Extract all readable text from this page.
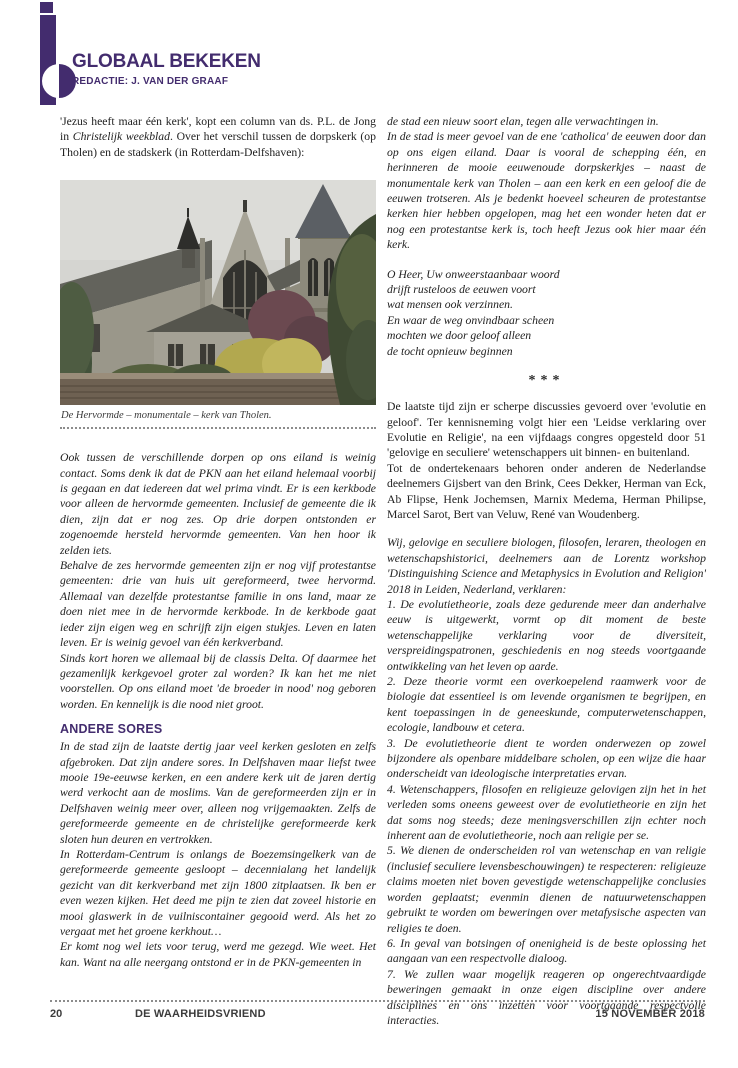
GLOBAAL BEKEKEN
REDACTIE: J. VAN DER GRAAF

'Jezus heeft maar één kerk', kopt een column van ds. P.L. de Jong in Christelijk weekblad. Over het verschil tussen de dorpskerk (op Tholen) en de stadskerk (in Rotterdam-Delfshaven):

De Hervormde – monumentale – kerk van Tholen.

Ook tussen de verschillende dorpen op ons eiland is weinig contact. Soms denk ik dat de PKN aan het eiland helemaal voorbij is gegaan en dat iedereen dat wel prima vindt. Er is een kerkbode voor alleen de hervormde gemeenten. Inclusief de gemeente die ik dien, zijn dat er nog zes. Op drie dorpen ontstonden er zogenoemde hersteld hervormde gemeenten. Van hen hoor ik zelden iets.

Behalve de zes hervormde gemeenten zijn er nog vijf protestantse gemeenten: drie van huis uit gereformeerd, twee hervormd. Allemaal van dezelfde protestantse familie in ons land, maar ze doen niet mee in de hervormde kerkbode. In de kerkbode gaat ieder zijn eigen weg en schrijft zijn eigen stukjes. Leven en laten leven. Er is weinig gevoel van één kerkverband.

Sinds kort horen we allemaal bij de classis Delta. Of daarmee het gezamenlijk kerkgevoel groter zal worden? Ik kan het me niet voorstellen. Op ons eiland moet 'de broeder in nood' nog geboren worden. En kennelijk is die nood niet groot.

ANDERE SORES

In de stad zijn de laatste dertig jaar veel kerken gesloten en zelfs afgebroken. Dat zijn andere sores. In Delfshaven maar liefst twee mooie 19e-eeuwse kerken, en een andere kerk uit de jaren dertig werd verkocht aan de moslims. Van de gereformeerden zijn er in Delfshaven weinig meer over, alleen nog vrijgemaakten. Zelfs de gereformeerde gemeente en de christelijke gereformeerde kerk sloten hun deuren en vertrokken.

In Rotterdam-Centrum is onlangs de Boezemsingelkerk van de gereformeerde gemeente gesloopt – decennialang het landelijk gezicht van dit kerkverband met zijn 1800 zitplaatsen. Ik ben er even wezen kijken. Het deed me pijn te zien dat zoveel historie en mooi glaswerk in de vuilniscontainer gegooid werd. Als het zo vergaat met het groene kerkhout…

Er komt nog wel iets voor terug, werd me gezegd. Wie weet. Het kan. Want na alle neergang ontstond er in de PKN-gemeenten in

de stad een nieuw soort elan, tegen alle verwachtingen in.

In de stad is meer gevoel van de ene 'catholica' de eeuwen door dan op ons eigen eiland. Daar is vooral de schepping één, en herinneren de mooie eeuwenoude dorpskerkjes – naast de monumentale kerk van Tholen – aan een kerk en een geloof die de eeuwen trotseren. Als je bedenkt hoeveel scheuren de protestantse kerken hier hebben opgelopen, mag het een wonder heten dat er nog een protestantse kerk is, toch heeft Jezus ook hier maar één kerk.

O Heer, Uw onweerstaanbaar woord
drijft rusteloos de eeuwen voort
wat mensen ook verzinnen.
En waar de weg onvindbaar scheen
mochten we door geloof alleen
de tocht opnieuw beginnen
***

De laatste tijd zijn er scherpe discussies gevoerd over 'evolutie en geloof'. Ter kennisneming volgt hier een 'Leidse verklaring over Evolutie en Religie', na een vijfdaags congres opgesteld door 51 'gelovige en seculiere' wetenschappers uit binnen- en buitenland.

Tot de ondertekenaars behoren onder anderen de Nederlandse deelnemers Gijsbert van den Brink, Cees Dekker, Herman van Eck, Ab Flipse, Henk Jochemsen, Marnix Medema, Herman Philipse, Marcel Sarot, Bert van Veluw, René van Woudenberg.

Wij, gelovige en seculiere biologen, filosofen, leraren, theologen en wetenschapshistorici, deelnemers aan de Lorentz workshop 'Distinguishing Science and Metaphysics in Evolution and Religion' 2018 in Leiden, Nederland, verklaren:

1. De evolutietheorie, zoals deze gedurende meer dan anderhalve eeuw is uitgewerkt, vormt op dit moment de beste wetenschappelijke verklaring voor de diversiteit, verspreidingspatronen, geschiedenis en nog steeds voortgaande ontwikkeling van het leven op aarde.

2. Deze theorie vormt een overkoepelend raamwerk voor de biologie dat essentieel is om levende organismen te begrijpen, en kent toepassingen in de geneeskunde, computerwetenschappen, ecologie, landbouw et cetera.

3. De evolutietheorie dient te worden onderwezen op zowel bijzondere als openbare middelbare scholen, op een wijze die haar onderscheidt van ideologische interpretaties ervan.

4. Wetenschappers, filosofen en religieuze gelovigen zijn het in het verleden soms oneens geweest over de evolutietheorie en zijn het dat soms nog steeds; deze meningsverschillen zijn echter noch inherent aan de evolutietheorie, noch aan religie per se.

5. We dienen de onderscheiden rol van wetenschap en van religie (inclusief seculiere levensbeschouwingen) te respecteren: religieuze claims moeten niet boven gevestigde wetenschappelijke conclusies worden geplaatst; evenmin dienen de natuurwetenschappen gebruikt te worden om beweringen over metafysische aspecten van religies te doen.

6. In geval van botsingen of onenigheid is de beste oplossing het aangaan van een respectvolle dialoog.

7. We zullen waar mogelijk reageren op ongerechtvaardigde beweringen gemaakt in onze eigen discipline over andere disciplines en ons inzetten voor voortgaande respectvolle interacties.

20	DE WAARHEIDSVRIEND	15 NOVEMBER 2018
